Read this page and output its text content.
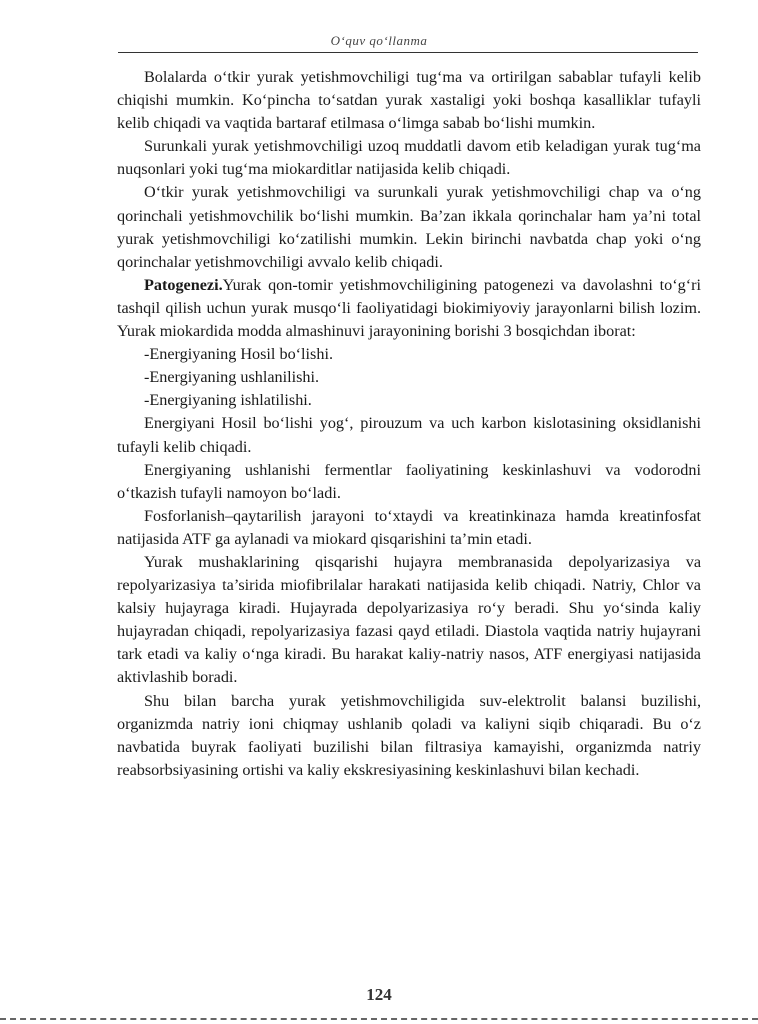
O‘quv qo‘llanma

Bolalarda o‘tkir yurak yetishmovchiligi tug‘ma va ortirilgan sabablar tufayli kelib chiqishi mumkin. Ko‘pincha to‘satdan yurak xastaligi yoki boshqa kasalliklar tufayli kelib chiqadi va vaqtida bartaraf etilmasa o‘limga sabab bo‘lishi mumkin.

Surunkali yurak yetishmovchiligi uzoq muddatli davom etib keladigan yurak tug‘ma nuqsonlari yoki tug‘ma miokarditlar natijasida kelib chiqadi.

O‘tkir yurak yetishmovchiligi va surunkali yurak yetishmovchiligi chap va o‘ng qorinchali yetishmovchilik bo‘lishi mumkin. Ba’zan ikkala qorinchalar ham ya’ni total yurak yetishmovchiligi ko‘zatilishi mumkin. Lekin birinchi navbatda chap yoki o‘ng qorinchalar yetishmovchiligi avvalo kelib chiqadi.

Patogenezi.Yurak qon-tomir yetishmovchiligining patogenezi va davolashni to‘g‘ri tashqil qilish uchun yurak musqo‘li faoliyatidagi biokimiyoviy jarayonlarni bilish lozim. Yurak miokardida modda almashinuvi jarayonining borishi 3 bosqichdan iborat:

-Energiyaning Hosil bo‘lishi.

-Energiyaning ushlanilishi.

-Energiyaning ishlatilishi.

Energiyani Hosil bo‘lishi yog‘, pirouzum va uch karbon kislotasining oksidlanishi tufayli kelib chiqadi.

Energiyaning ushlanishi fermentlar faoliyatining keskinlashuvi va vodorodni o‘tkazish tufayli namoyon bo‘ladi.

Fosforlanish–qaytarilish jarayoni to‘xtaydi va kreatinkinaza hamda kreatinfosfat natijasida ATF ga aylanadi va miokard qisqarishini ta’min etadi.

Yurak mushaklarining qisqarishi hujayra membranasida depolyarizasiya va repolyarizasiya ta’sirida miofibrilalar harakati natijasida kelib chiqadi. Natriy, Chlor va kalsiy hujayraga kiradi. Hujayrada depolyarizasiya ro‘y beradi. Shu yo‘sinda kaliy hujayradan chiqadi, repolyarizasiya fazasi qayd etiladi. Diastola vaqtida natriy hujayrani tark etadi va kaliy o‘nga kiradi. Bu harakat kaliy-natriy nasos, ATF energiyasi natijasida aktivlashib boradi.

Shu bilan barcha yurak yetishmovchiligida suv-elektrolit balansi buzilishi, organizmda natriy ioni chiqmay ushlanib qoladi va kaliyni siqib chiqaradi. Bu o‘z navbatida buyrak faoliyati buzilishi bilan filtrasiya kamayishi, organizmda natriy reabsorbsiyasining ortishi va kaliy ekskresiyasining keskinlashuvi bilan kechadi.

124
